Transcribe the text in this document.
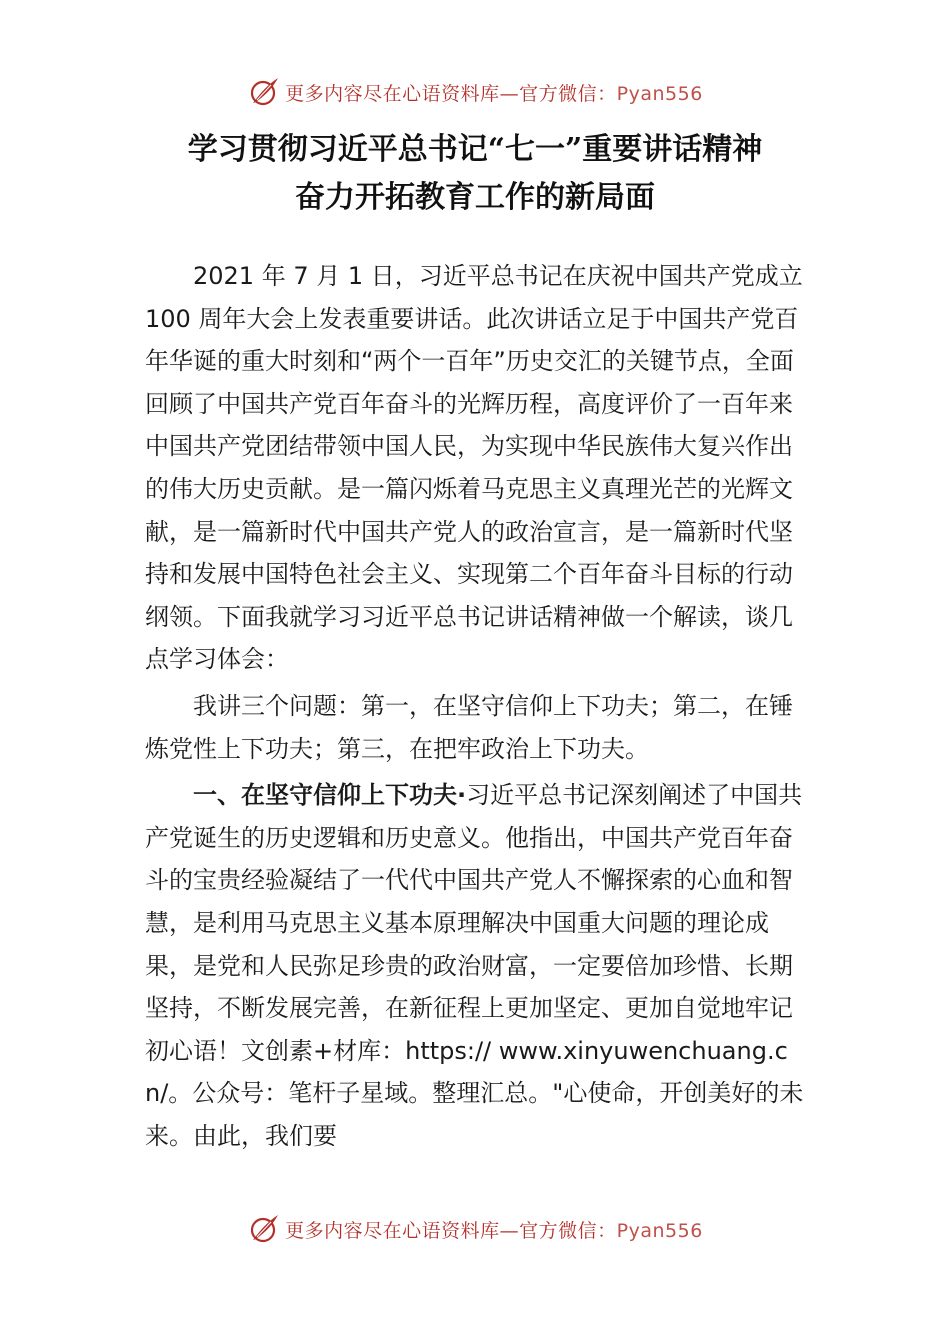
更多内容尽在心语资料库—官方微信：Pyan556
学习贯彻习近平总书记“七一”重要讲话精神
奋力开拓教育工作的新局面

2021 年 7 月 1 日，习近平总书记在庆祝中国共产党成立 100 周年大会上发表重要讲话。此次讲话立足于中国共产党百年华诞的重大时刻和“两个一百年”历史交汇的关键节点，全面回顾了中国共产党百年奋斗的光辉历程，高度评价了一百年来中国共产党团结带领中国人民，为实现中华民族伟大复兴作出的伟大历史贡献。是一篇闪烁着马克思主义真理光芒的光辉文献，是一篇新时代中国共产党人的政治宣言，是一篇新时代坚持和发展中国特色社会主义、实现第二个百年奋斗目标的行动纲领。下面我就学习习近平总书记讲话精神做一个解读，谈几点学习体会：

我讲三个问题：第一，在坚守信仰上下功夫；第二，在锤炼党性上下功夫；第三，在把牢政治上下功夫。

一、在坚守信仰上下功夫·习近平总书记深刻阐述了中国共产党诞生的历史逻辑和历史意义。他指出，中国共产党百年奋斗的宝贵经验凝结了一代代中国共产党人不懈探索的心血和智慧，是利用马克思主义基本原理解决中国重大问题的理论成果，是党和人民弥足珍贵的政治财富，一定要倍加珍惜、长期坚持，不断发展完善，在新征程上更加坚定、更加自觉地牢记初心语！文创素+材库：https:// www.xinyuwenchuang.cn/。公众号：笔杆子星域。整理汇总。"心使命，开创美好的未来。由此，我们要

更多内容尽在心语资料库—官方微信：Pyan556
